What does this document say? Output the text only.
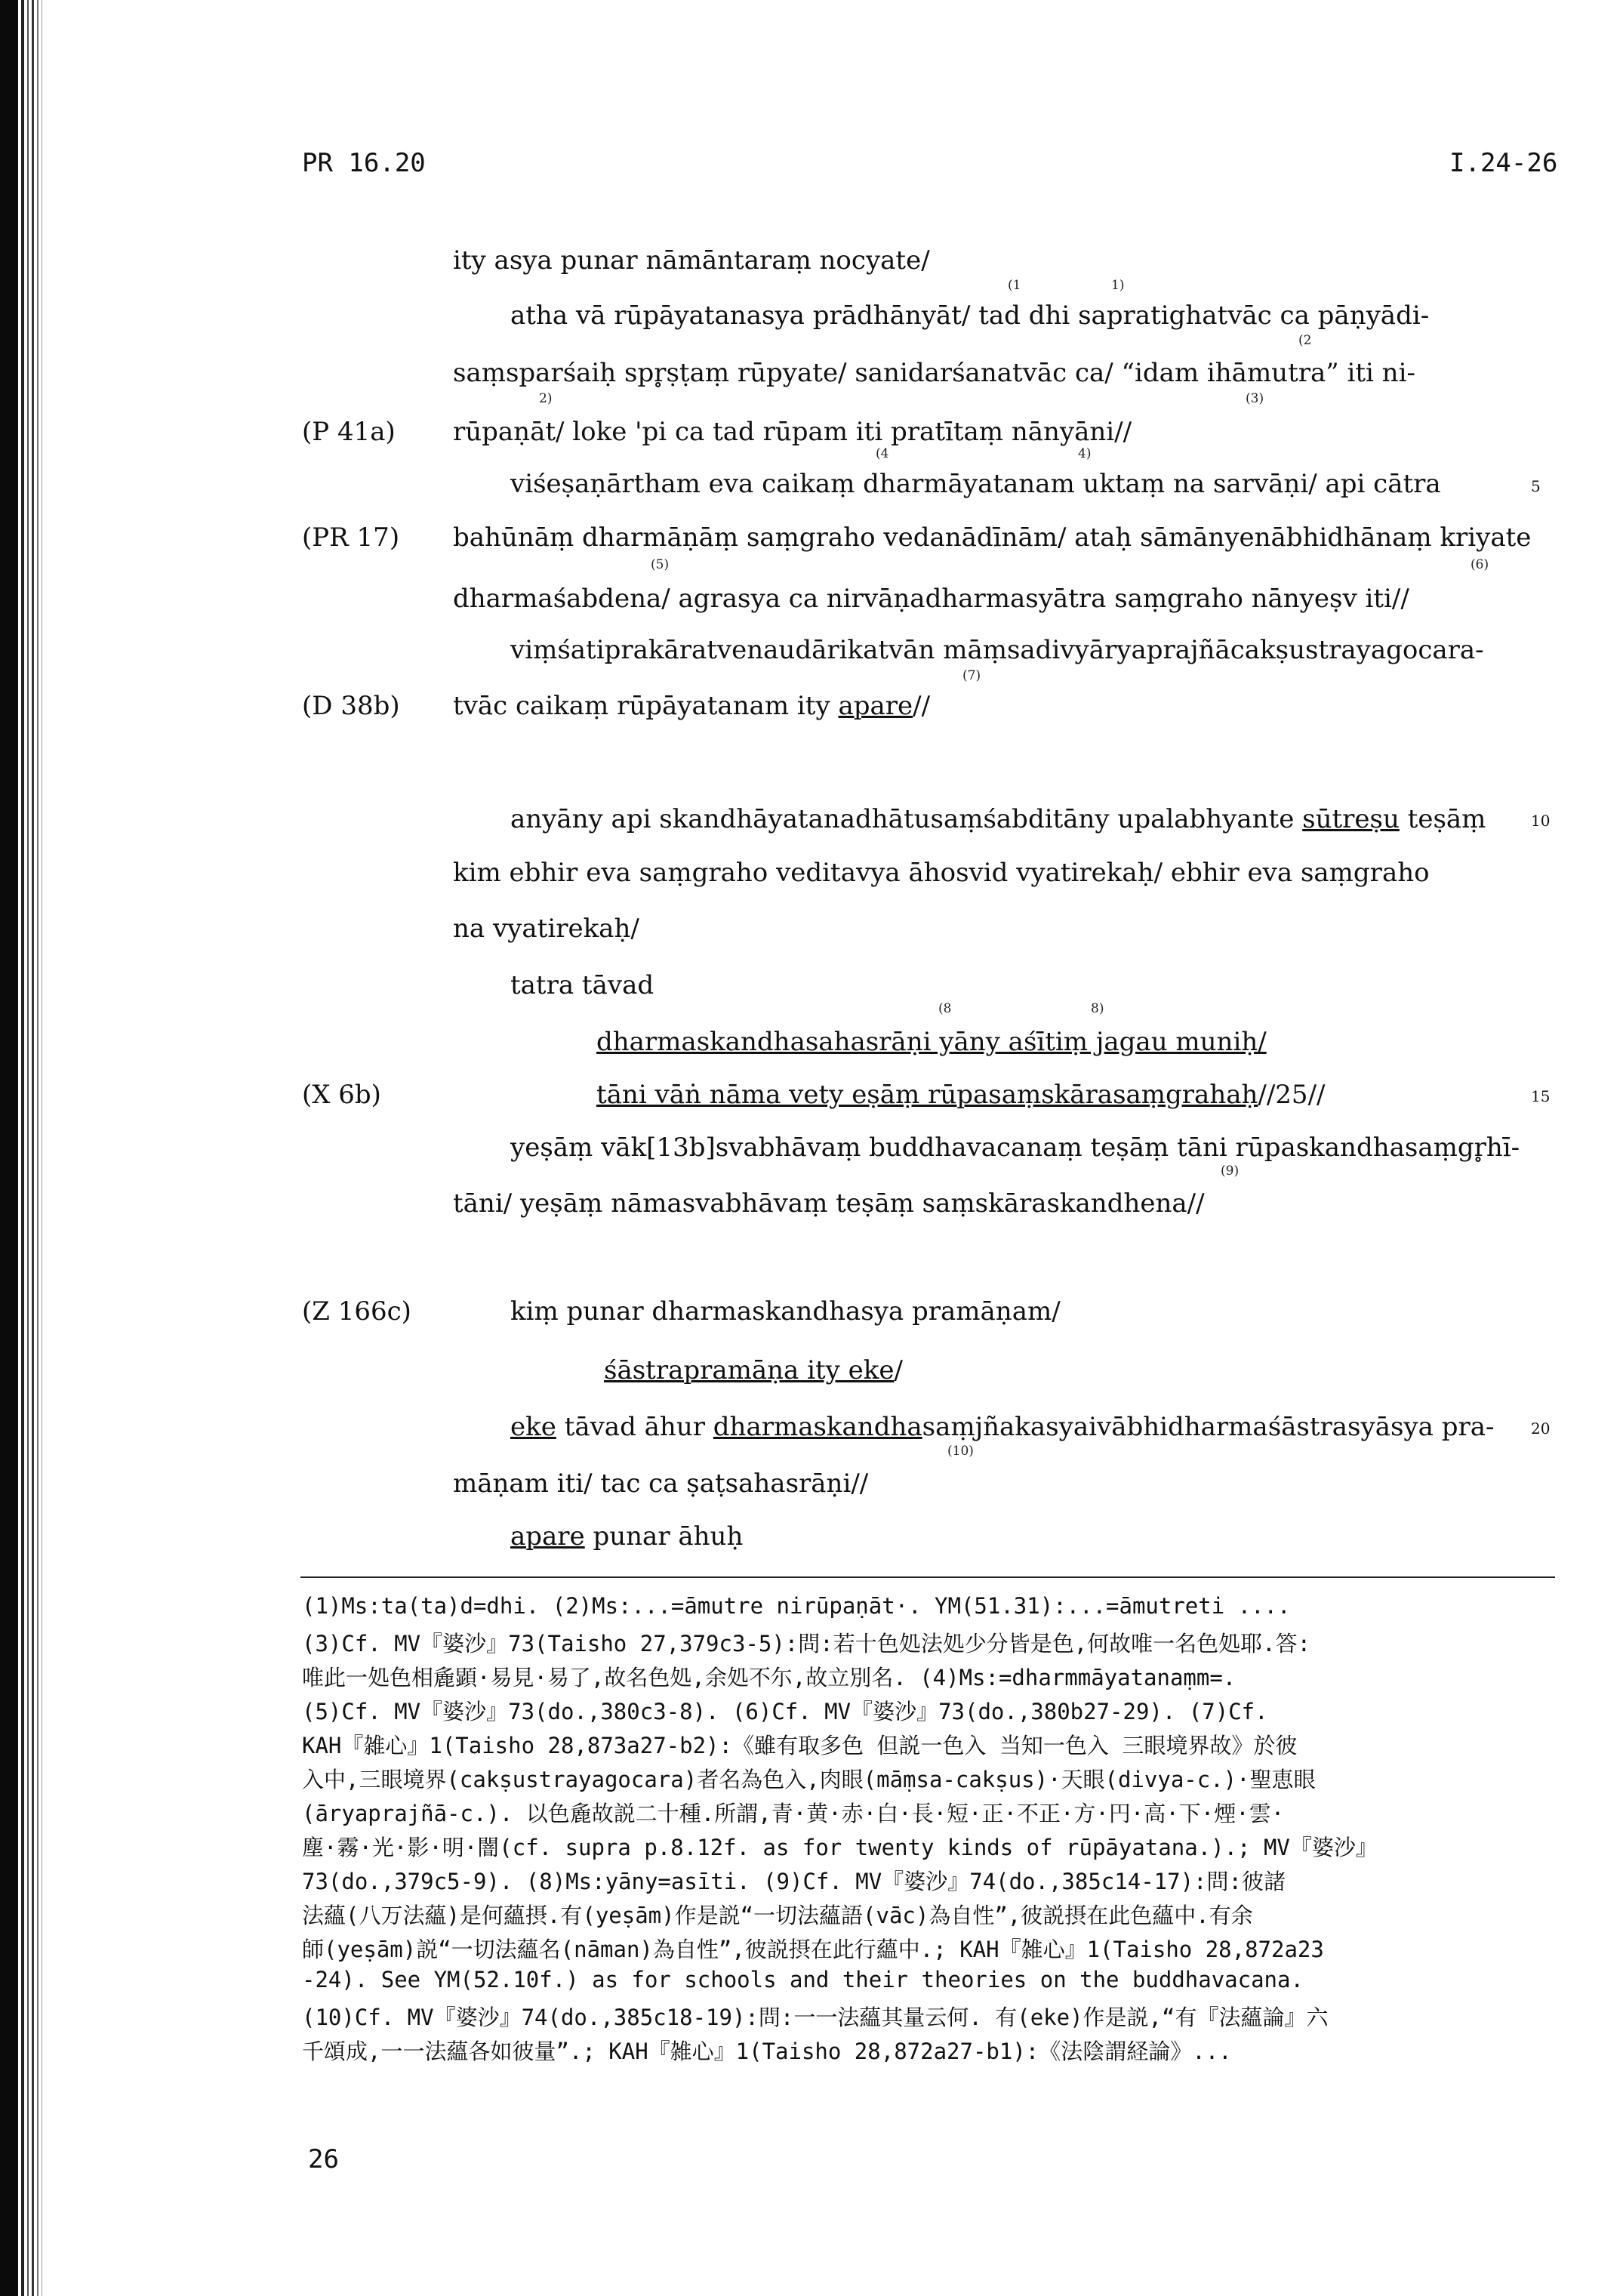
PR 16.20	I.24-26
(P 41a)
(PR 17)
(D 38b)
(X 6b)
(Z 166c)
ity asya punar nāmāntaraṃ nocyate/
atha vā rūpāyatanasya prādhānyāt/ tad dhi sapratighatvāc ca pāṇyādi-
saṃsparśaiḥ spr̥ṣṭaṃ rūpyate/ sanidarśanatvāc ca/ “idam ihāmutra” iti ni-
rūpaṇāt/ loke 'pi ca tad rūpam iti pratītaṃ nānyāni//
viśeṣaṇārtham eva caikaṃ dharmāyatanam uktaṃ na sarvāṇi/ api cātra
bahūnāṃ dharmāṇāṃ saṃgraho vedanādīnām/ ataḥ sāmānyenābhidhānaṃ kriyate
dharmaśabdena/ agrasya ca nirvāṇadharmasyātra saṃgraho nānyeṣv iti//
viṃśatiprakāratvenaudārikatvān māṃsadivyāryaprajñācakṣustrayagocara-
tvāc caikaṃ rūpāyatanam ity apare//
anyāny api skandhāyatanadhātusaṃśabditāny upalabhyante sūtreṣu teṣāṃ
kim ebhir eva saṃgraho veditavya āhosvid vyatirekaḥ/ ebhir eva saṃgraho
na vyatirekaḥ/
tatra tāvad
dharmaskandhasahasrāṇi yāny aśītiṃ jagau muniḥ/
tāni vāṅ nāma vety eṣāṃ rūpasaṃskārasaṃgrahaḥ//25//
yeṣāṃ vāk[13b]svabhāvaṃ buddhavacanaṃ teṣāṃ tāni rūpaskandhasaṃgr̥hī-
tāni/ yeṣāṃ nāmasvabhāvaṃ teṣāṃ saṃskāraskandhena//
kiṃ punar dharmaskandhasya pramāṇam/
śāstrapramāṇa ity eke/
eke tāvad āhur dharmaskandhasaṃjñakasyaivābhidharmaśāstrasyāsya pra-
māṇam iti/ tac ca ṣaṭsahasrāṇi//
apare punar āhuḥ
5
10
15
20
(1	1)
(2
2)	(3)
(4	4)
(5)	(6)
(7)
(8	8)
(9)
(10)
(1)Ms:ta(ta)d=dhi. (2)Ms:...=āmutre nirūpaṇāt·. YM(51.31):...=āmutreti ....
(3)Cf. MV『婆沙』73(Taisho 27,379c3-5):問:若十色処法処少分皆是色,何故唯一名色処耶.答:
唯此一処色相麁顕·易見·易了,故名色処,余処不尓,故立別名. (4)Ms:=dharmmāyatanaṃm=.
(5)Cf. MV『婆沙』73(do.,380c3-8). (6)Cf. MV『婆沙』73(do.,380b27-29). (7)Cf.
KAH『雑心』1(Taisho 28,873a27-b2):《雖有取多色 但説一色入 当知一色入 三眼境界故》於彼
入中,三眼境界(cakṣustrayagocara)者名為色入,肉眼(māṃsa-cakṣus)·天眼(divya-c.)·聖恵眼
(āryaprajñā-c.). 以色麁故説二十種.所謂,青·黄·赤·白·長·短·正·不正·方·円·高·下·煙·雲·
塵·霧·光·影·明·闇(cf. supra p.8.12f. as for twenty kinds of rūpāyatana.).; MV『婆沙』
73(do.,379c5-9). (8)Ms:yāny=asīti. (9)Cf. MV『婆沙』74(do.,385c14-17):問:彼諸
法蘊(八万法蘊)是何蘊摂.有(yeṣām)作是説“一切法蘊語(vāc)為自性”,彼説摂在此色蘊中.有余
師(yeṣām)説“一切法蘊名(nāman)為自性”,彼説摂在此行蘊中.; KAH『雑心』1(Taisho 28,872a23
-24). See YM(52.10f.) as for schools and their theories on the buddhavacana.
(10)Cf. MV『婆沙』74(do.,385c18-19):問:一一法蘊其量云何. 有(eke)作是説,“有『法蘊論』六
千頌成,一一法蘊各如彼量”.; KAH『雑心』1(Taisho 28,872a27-b1):《法陰謂経論》...
26
